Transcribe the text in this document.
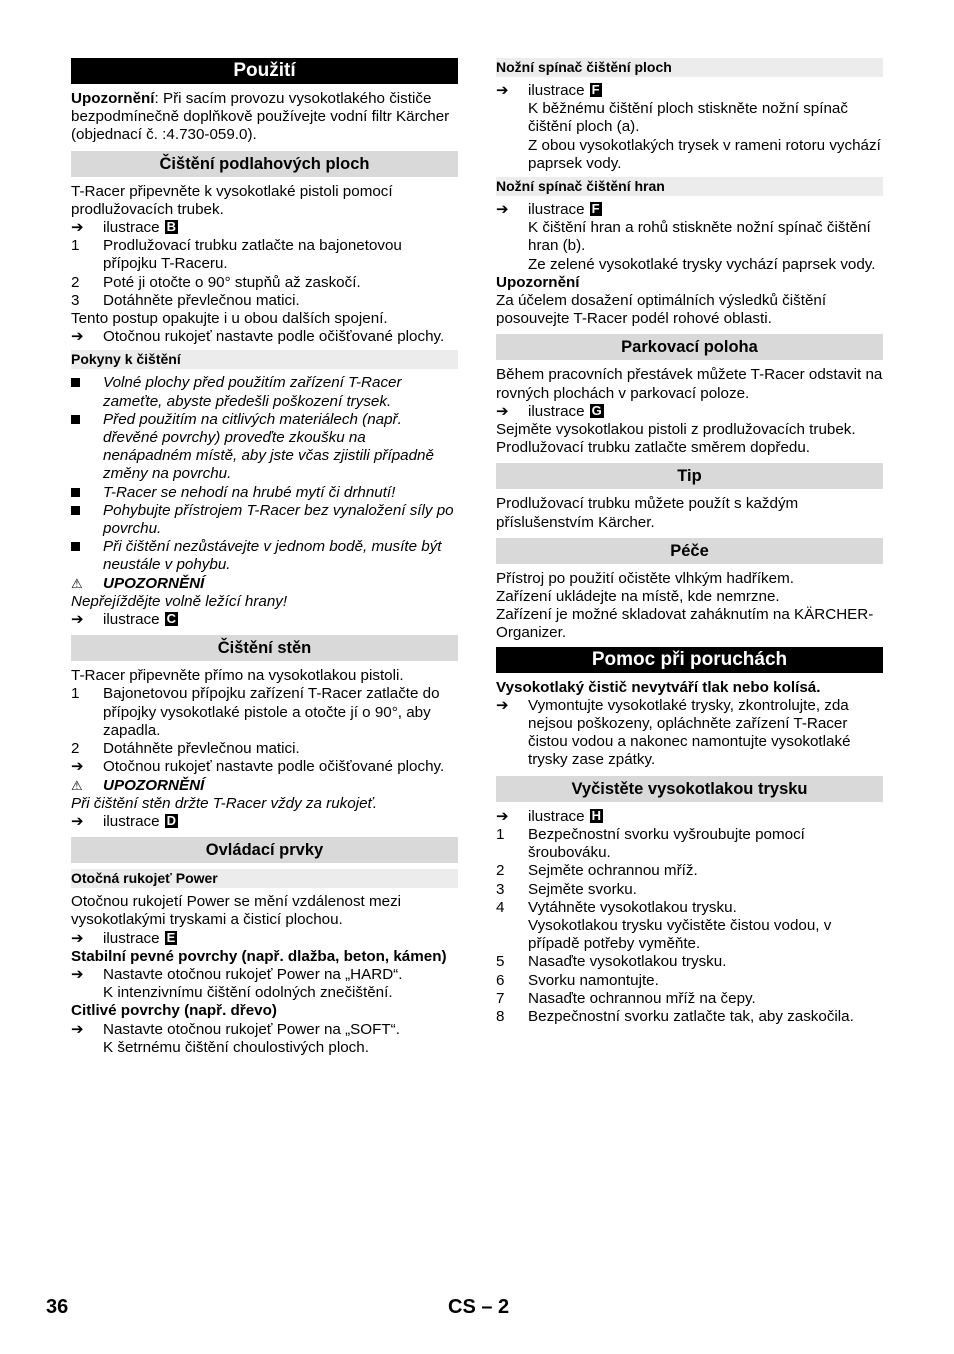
Použití

Upozornění: Při sacím provozu vysokotlakého čističe bezpodmínečně doplňkově používejte vodní filtr Kärcher (objednací č. :4.730-059.0).

Čištění podlahových ploch

T-Racer připevněte k vysokotlaké pistoli pomocí prodlužovacích trubek.

➔	ilustrace B
1	Prodlužovací trubku zatlačte na bajonetovou přípojku T-Raceru.
2	Poté ji otočte o 90° stupňů až zaskočí.
3	Dotáhněte převlečnou matici.

Tento postup opakujte i u obou dalších spojení.

➔	Otočnou rukojeť nastavte podle očišťované plochy.
Pokyny k čištění
Volné plochy před použitím zařízení T-Racer zameťte, abyste předešli poškození trysek.
Před použitím na citlivých materiálech (např. dřevěné povrchy) proveďte zkoušku na nenápadném místě, aby jste včas zjistili případně změny na povrchu.
T-Racer se nehodí na hrubé mytí či drhnutí!
Pohybujte přístrojem T-Racer bez vynaložení síly po povrchu.
Při čištění nezůstávejte v jednom bodě, musíte být neustále v pohybu.
⚠	UPOZORNĚNÍ

Nepřejíždějte volně ležící hrany!

➔	ilustrace C
Čištění stěn

T-Racer připevněte přímo na vysokotlakou pistoli.

1	Bajonetovou přípojku zařízení T-Racer zatlačte do přípojky vysokotlaké pistole a otočte jí o 90°, aby zapadla.
2	Dotáhněte převlečnou matici.
➔	Otočnou rukojeť nastavte podle očišťované plochy.
⚠	UPOZORNĚNÍ

Při čištění stěn držte T-Racer vždy za rukojeť.

➔	ilustrace D
Ovládací prvky
Otočná rukojeť Power

Otočnou rukojetí Power se mění vzdálenost mezi vysokotlakými tryskami a čisticí plochou.

➔	ilustrace E

Stabilní pevné povrchy (např. dlažba, beton, kámen)

➔	Nastavte otočnou rukojeť Power na „HARD“.
K intenzivnímu čištění odolných znečištění.

Citlivé povrchy (např. dřevo)

➔	Nastavte otočnou rukojeť Power na „SOFT“.
K šetrnému čištění choulostivých ploch.
Nožní spínač čištění ploch
➔	ilustrace F
K běžnému čištění ploch stiskněte nožní spínač čištění ploch (a).
Z obou vysokotlakých trysek v rameni rotoru vychází paprsek vody.
Nožní spínač čištění hran
➔	ilustrace F
K čištění hran a rohů stiskněte nožní spínač čištění hran (b).
Ze zelené vysokotlaké trysky vychází paprsek vody.

Upozornění

Za účelem dosažení optimálních výsledků čištění posouvejte T-Racer podél rohové oblasti.

Parkovací poloha

Během pracovních přestávek můžete T-Racer odstavit na rovných plochách v parkovací poloze.

➔	ilustrace G

Sejměte vysokotlakou pistoli z prodlužovacích trubek.

Prodlužovací trubku zatlačte směrem dopředu.

Tip

Prodlužovací trubku můžete použít s každým příslušenstvím Kärcher.

Péče

Přístroj po použití očistěte vlhkým hadříkem.

Zařízení ukládejte na místě, kde nemrzne.

Zařízení je možné skladovat zaháknutím na KÄRCHER-Organizer.

Pomoc při poruchách

Vysokotlaký čistič nevytváří tlak nebo kolísá.

➔	Vymontujte vysokotlaké trysky, zkontrolujte, zda nejsou poškozeny, opláchněte zařízení T-Racer čistou vodou a nakonec namontujte vysokotlaké trysky zase zpátky.
Vyčistěte vysokotlakou trysku
➔	ilustrace H
1	Bezpečnostní svorku vyšroubujte pomocí šroubováku.
2	Sejměte ochrannou mříž.
3	Sejměte svorku.
4	Vytáhněte vysokotlakou trysku.
Vysokotlakou trysku vyčistěte čistou vodou, v případě potřeby vyměňte.
5	Nasaďte vysokotlakou trysku.
6	Svorku namontujte.
7	Nasaďte ochrannou mříž na čepy.
8	Bezpečnostní svorku zatlačte tak, aby zaskočila.
36	CS – 2
